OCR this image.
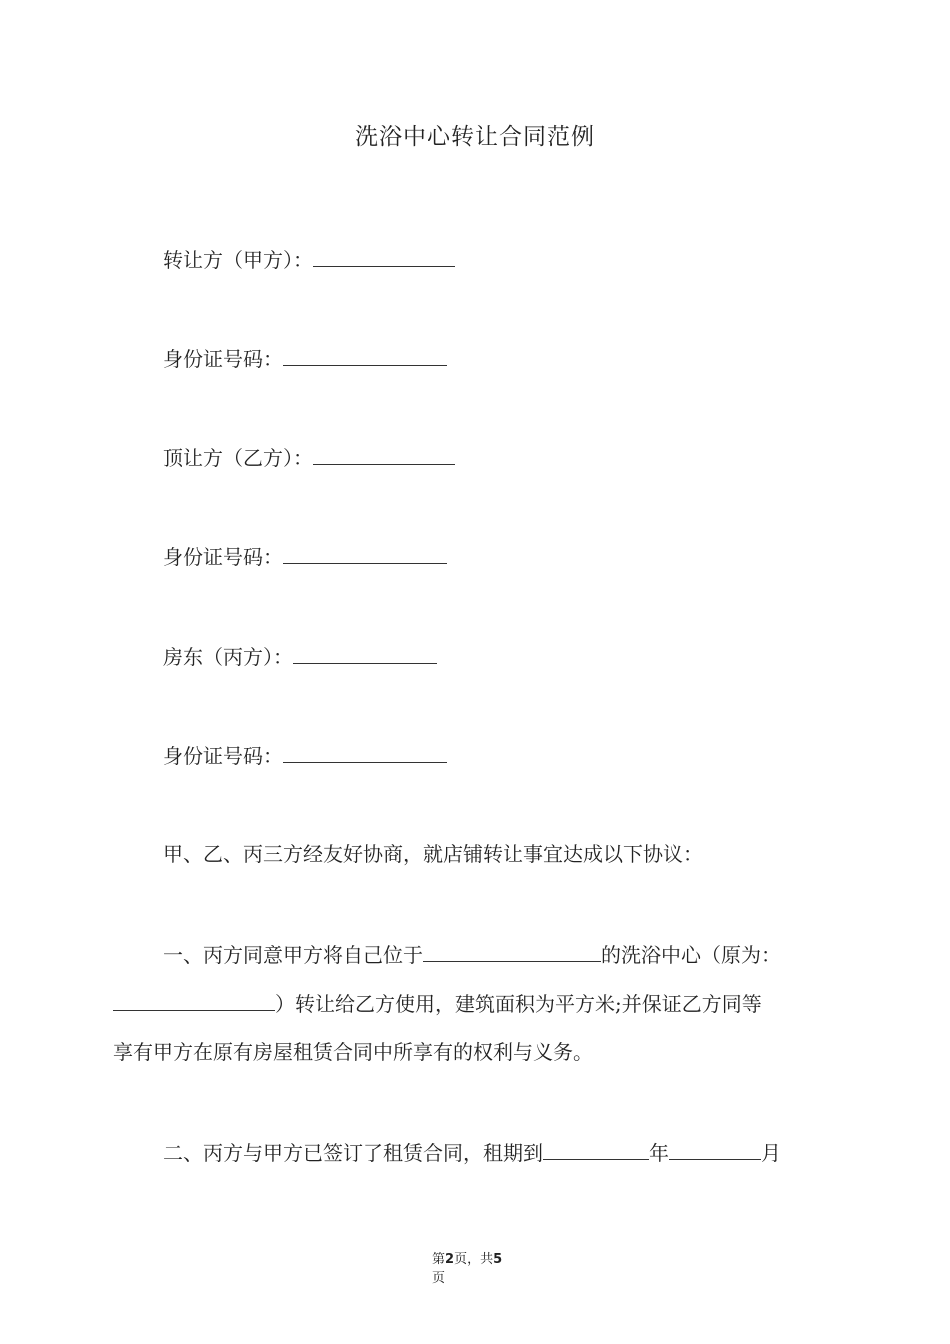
洗浴中心转让合同范例
转让方（甲方）：
身份证号码：
顶让方（乙方）：
身份证号码：
房东（丙方）：
身份证号码：
甲、乙、丙三方经友好协商，就店铺转让事宜达成以下协议：
一、丙方同意甲方将自己位于	的洗浴中心（原为：
）转让给乙方使用，建筑面积为平方米;并保证乙方同等
享有甲方在原有房屋租赁合同中所享有的权利与义务。
二、丙方与甲方已签订了租赁合同，租期到	年	月
第2页，共5
页
